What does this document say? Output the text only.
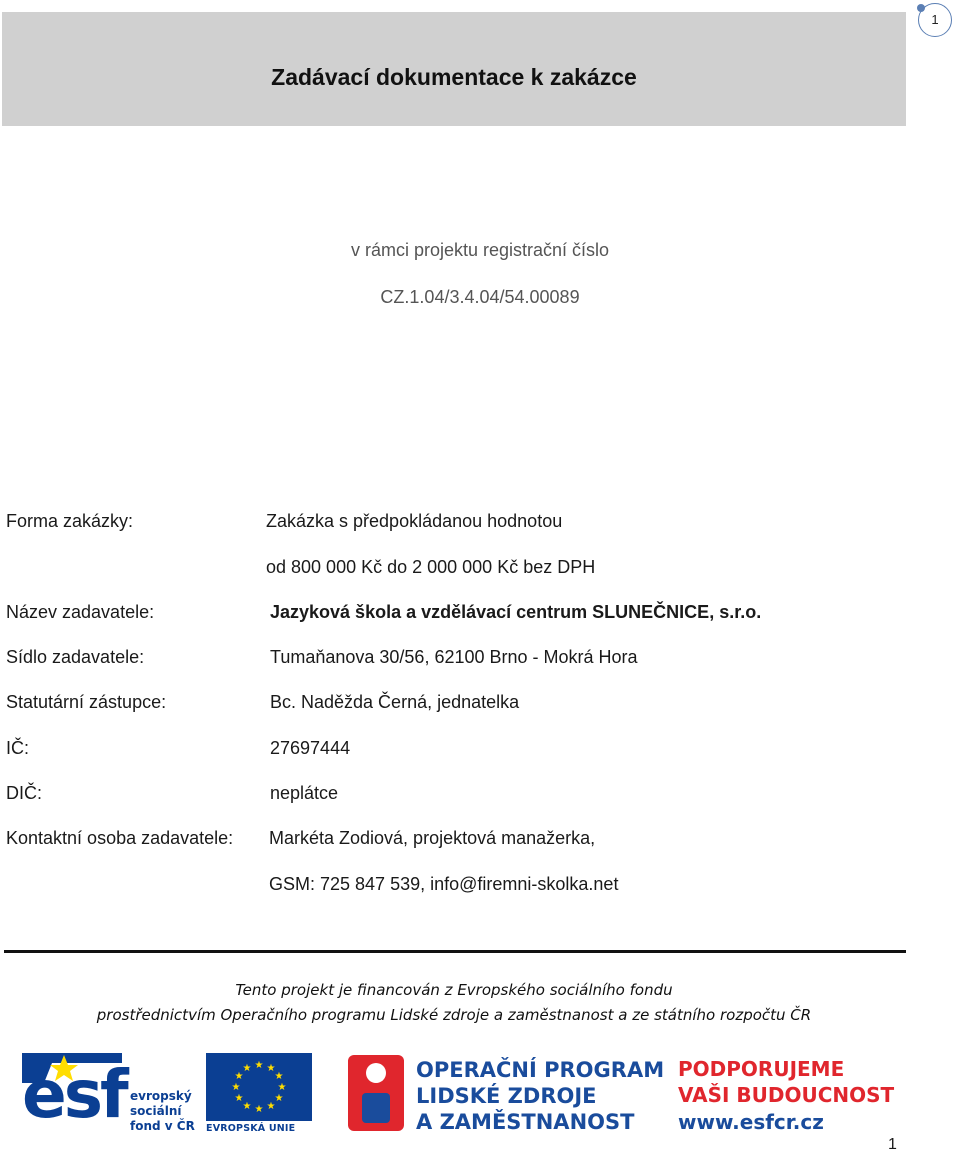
Zadávací dokumentace k zakázce
1
v rámci projektu registrační číslo
CZ.1.04/3.4.04/54.00089
Forma zakázky:	Zakázka s předpokládanou hodnotou
od 800 000 Kč do 2 000 000 Kč bez DPH
Název zadavatele:	Jazyková škola a vzdělávací centrum SLUNEČNICE, s.r.o.
Sídlo zadavatele:	Tumaňanova 30/56, 62100 Brno - Mokrá Hora
Statutární zástupce:	Bc. Naděžda Černá, jednatelka
IČ:	27697444
DIČ:	neplátce
Kontaktní osoba zadavatele: Markéta Zodiová, projektová manažerka,
GSM: 725 847 539, info@firemni-skolka.net
Tento projekt je financován z Evropského sociálního fondu
prostřednictvím Operačního programu Lidské zdroje a zaměstnanost a ze státního rozpočtu ČR
esf evropský
sociální
fond v ČR
★ ★
★
★
★
★
★
★
★
★
★
★
EVROPSKÁ UNIE
OPERAČNÍ PROGRAM
LIDSKÉ ZDROJE
A ZAMĚSTNANOST
PODPORUJEME
VAŠI BUDOUCNOST
www.esfcr.cz
1
